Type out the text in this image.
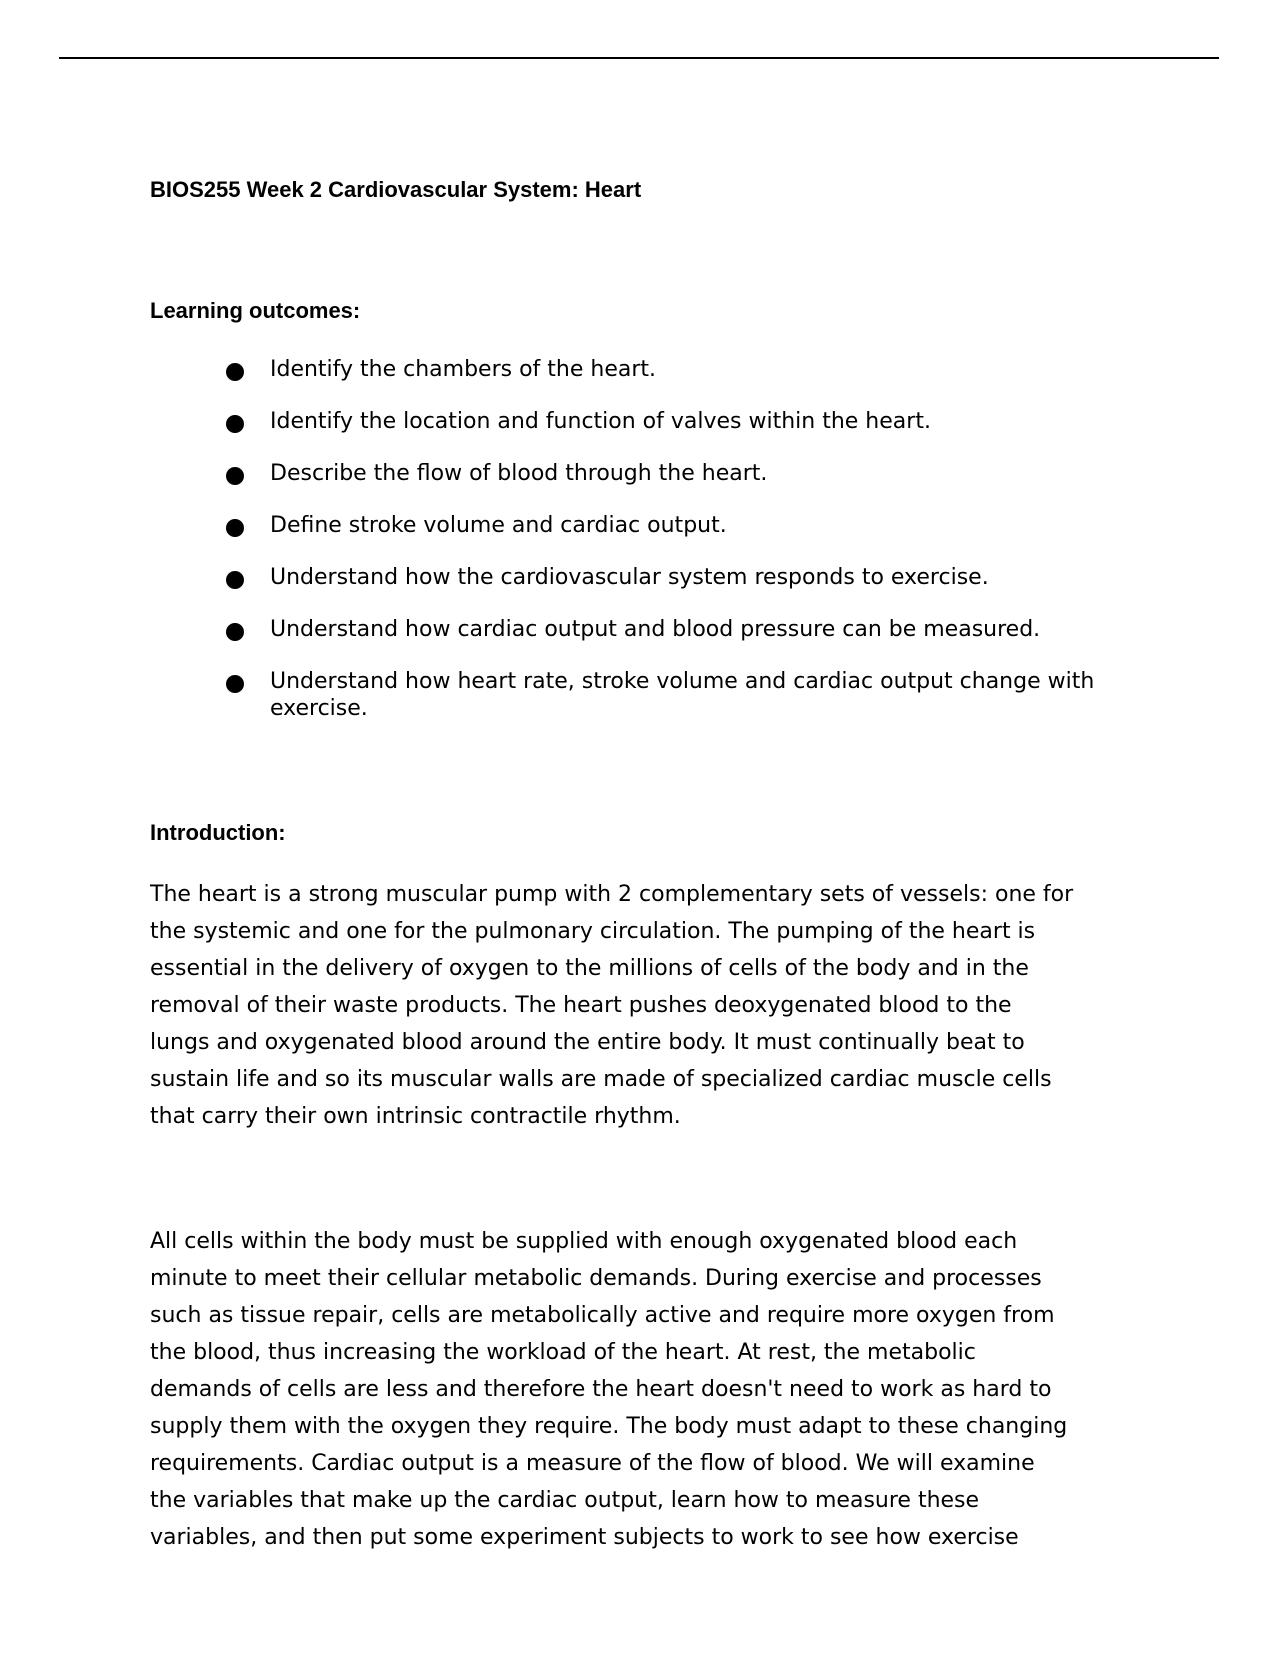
BIOS255 Week 2 Cardiovascular System: Heart
Learning outcomes:
Identify the chambers of the heart.
Identify the location and function of valves within the heart.
Describe the flow of blood through the heart.
Define stroke volume and cardiac output.
Understand how the cardiovascular system responds to exercise.
Understand how cardiac output and blood pressure can be measured.
Understand how heart rate, stroke volume and cardiac output change with exercise.
Introduction:

The heart is a strong muscular pump with 2 complementary sets of vessels: one for
the systemic and one for the pulmonary circulation. The pumping of the heart is
essential in the delivery of oxygen to the millions of cells of the body and in the
removal of their waste products. The heart pushes deoxygenated blood to the
lungs and oxygenated blood around the entire body. It must continually beat to
sustain life and so its muscular walls are made of specialized cardiac muscle cells
that carry their own intrinsic contractile rhythm.

All cells within the body must be supplied with enough oxygenated blood each
minute to meet their cellular metabolic demands. During exercise and processes
such as tissue repair, cells are metabolically active and require more oxygen from
the blood, thus increasing the workload of the heart. At rest, the metabolic
demands of cells are less and therefore the heart doesn't need to work as hard to
supply them with the oxygen they require. The body must adapt to these changing
requirements. Cardiac output is a measure of the flow of blood. We will examine
the variables that make up the cardiac output, learn how to measure these
variables, and then put some experiment subjects to work to see how exercise
